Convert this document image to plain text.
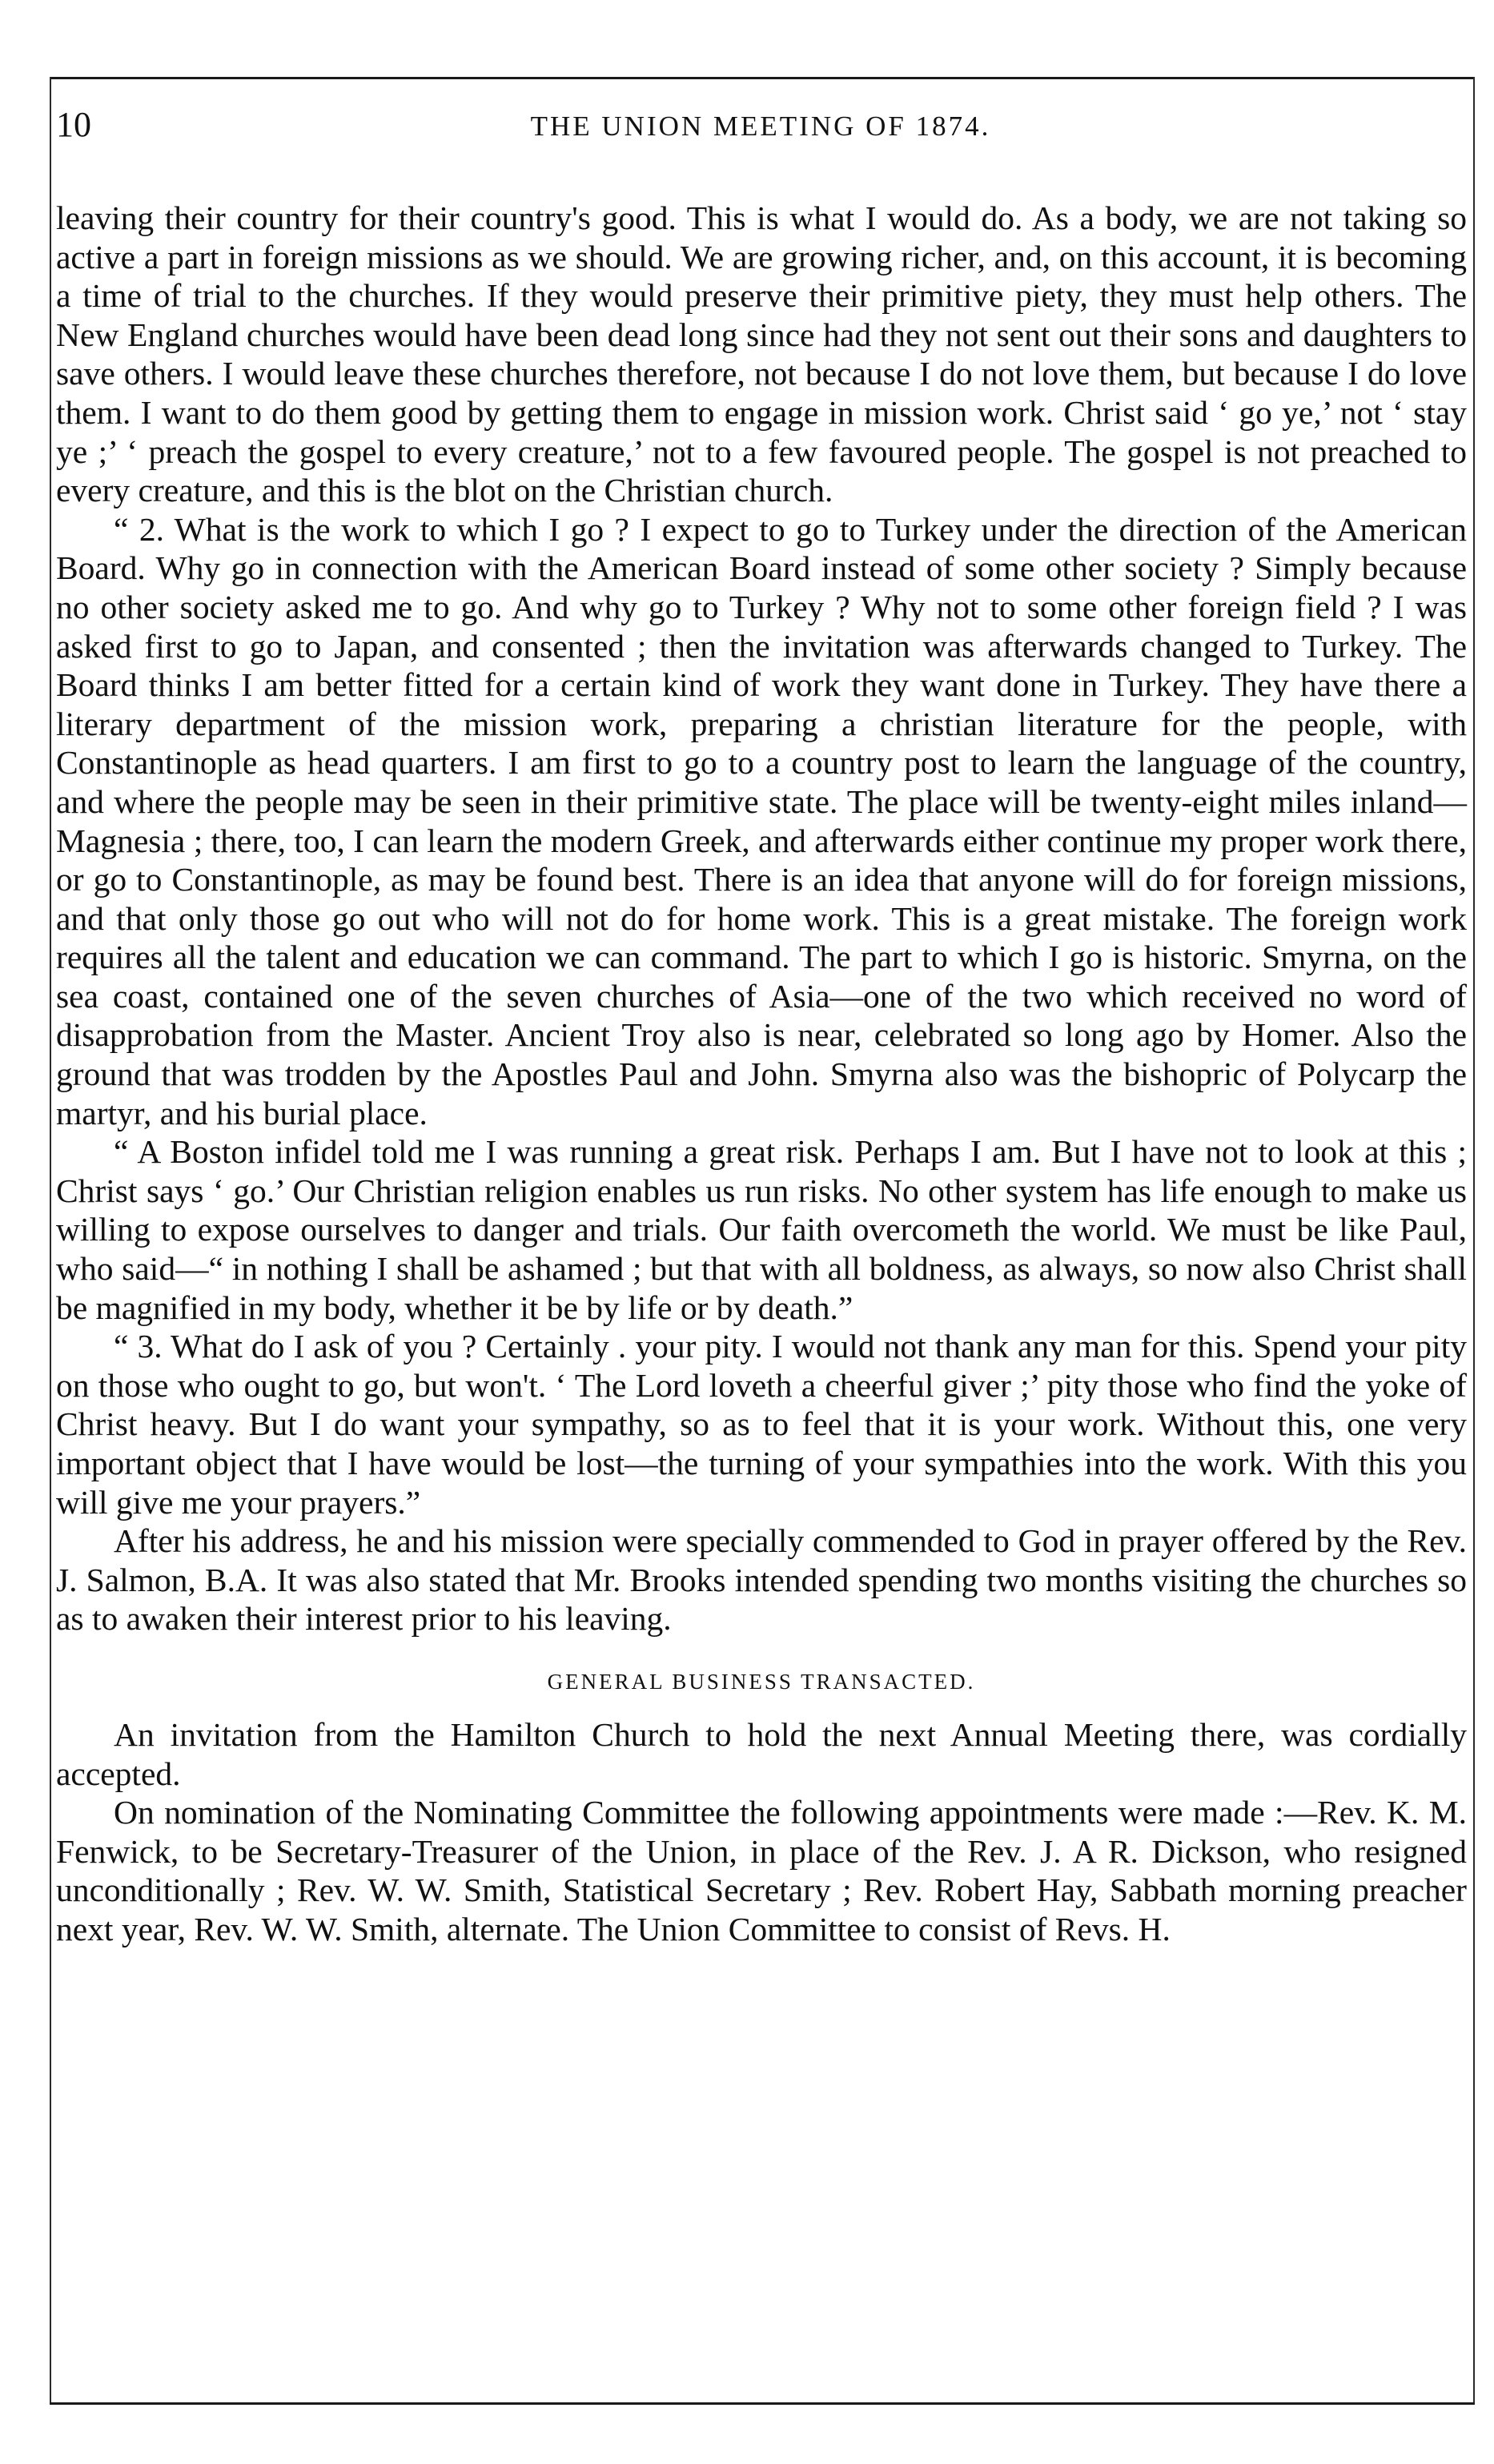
10	THE UNION MEETING OF 1874.

leaving their country for their country's good. This is what I would do. As a body, we are not taking so active a part in foreign missions as we should. We are growing richer, and, on this account, it is becoming a time of trial to the churches. If they would preserve their primitive piety, they must help others. The New England churches would have been dead long since had they not sent out their sons and daughters to save others. I would leave these churches therefore, not because I do not love them, but because I do love them. I want to do them good by getting them to engage in mission work. Christ said ‘ go ye,’ not ‘ stay ye ;’ ‘ preach the gospel to every creature,’ not to a few favoured people. The gospel is not preached to every creature, and this is the blot on the Christian church.

“ 2. What is the work to which I go ? I expect to go to Turkey under the direction of the American Board. Why go in connection with the American Board instead of some other society ? Simply because no other society asked me to go. And why go to Turkey ? Why not to some other foreign field ? I was asked first to go to Japan, and consented ; then the invitation was afterwards changed to Turkey. The Board thinks I am better fitted for a certain kind of work they want done in Turkey. They have there a literary department of the mission work, preparing a christian literature for the people, with Constantinople as head quarters. I am first to go to a country post to learn the language of the country, and where the people may be seen in their primitive state. The place will be twenty-eight miles inland—Magnesia ; there, too, I can learn the modern Greek, and afterwards either continue my proper work there, or go to Constantinople, as may be found best. There is an idea that anyone will do for foreign missions, and that only those go out who will not do for home work. This is a great mistake. The foreign work requires all the talent and education we can command. The part to which I go is historic. Smyrna, on the sea coast, contained one of the seven churches of Asia—one of the two which received no word of disapprobation from the Master. Ancient Troy also is near, celebrated so long ago by Homer. Also the ground that was trodden by the Apostles Paul and John. Smyrna also was the bishopric of Polycarp the martyr, and his burial place.

“ A Boston infidel told me I was running a great risk. Perhaps I am. But I have not to look at this ; Christ says ‘ go.’ Our Christian religion enables us run risks. No other system has life enough to make us willing to expose ourselves to danger and trials. Our faith overcometh the world. We must be like Paul, who said—“ in nothing I shall be ashamed ; but that with all boldness, as always, so now also Christ shall be magnified in my body, whether it be by life or by death.”

“ 3. What do I ask of you ? Certainly . your pity. I would not thank any man for this. Spend your pity on those who ought to go, but won't. ‘ The Lord loveth a cheerful giver ;’ pity those who find the yoke of Christ heavy. But I do want your sympathy, so as to feel that it is your work. Without this, one very important object that I have would be lost—the turning of your sympathies into the work. With this you will give me your prayers.”

After his address, he and his mission were specially commended to God in prayer offered by the Rev. J. Salmon, B.A. It was also stated that Mr. Brooks intended spending two months visiting the churches so as to awaken their interest prior to his leaving.

GENERAL BUSINESS TRANSACTED.

An invitation from the Hamilton Church to hold the next Annual Meeting there, was cordially accepted.

On nomination of the Nominating Committee the following appointments were made :—Rev. K. M. Fenwick, to be Secretary-Treasurer of the Union, in place of the Rev. J. A R. Dickson, who resigned unconditionally ; Rev. W. W. Smith, Statistical Secretary ; Rev. Robert Hay, Sabbath morning preacher next year, Rev. W. W. Smith, alternate. The Union Committee to consist of Revs. H.
